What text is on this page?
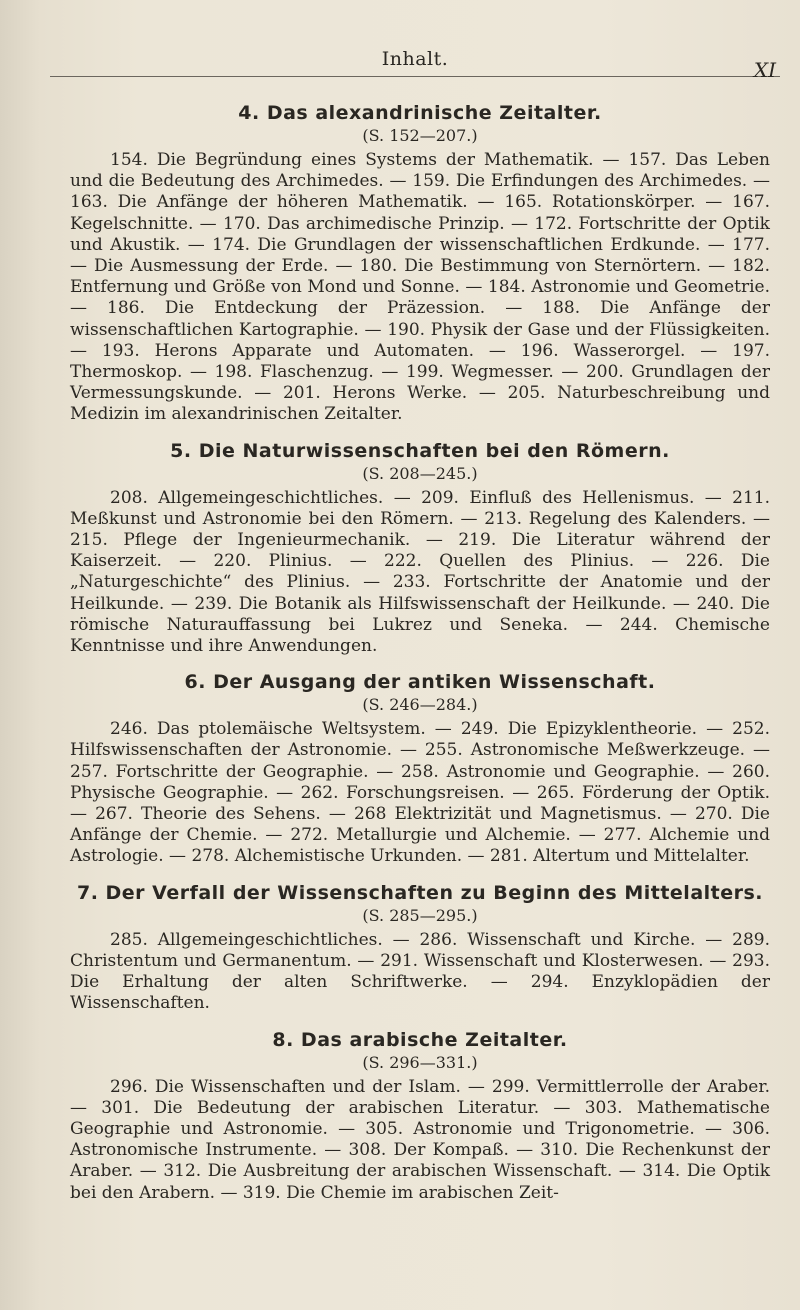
Inhalt.	XI

4. Das alexandrinische Zeitalter.

(S. 152—207.)

154. Die Begründung eines Systems der Mathematik. — 157. Das Leben und die Bedeutung des Archimedes. — 159. Die Erfindungen des Archimedes. — 163. Die Anfänge der höheren Mathematik. — 165. Rotationskörper. — 167. Kegelschnitte. — 170. Das archimedische Prinzip. — 172. Fortschritte der Optik und Akustik. — 174. Die Grundlagen der wissenschaftlichen Erdkunde. — 177. — Die Ausmessung der Erde. — 180. Die Bestimmung von Sternörtern. — 182. Entfernung und Größe von Mond und Sonne. — 184. Astronomie und Geometrie. — 186. Die Entdeckung der Präzession. — 188. Die Anfänge der wissenschaftlichen Kartographie. — 190. Physik der Gase und der Flüssigkeiten. — 193. Herons Apparate und Automaten. — 196. Wasserorgel. — 197. Thermoskop. — 198. Flaschenzug. — 199. Wegmesser. — 200. Grundlagen der Vermessungskunde. — 201. Herons Werke. — 205. Naturbeschreibung und Medizin im alexandrinischen Zeitalter.

5. Die Naturwissenschaften bei den Römern.

(S. 208—245.)

208. Allgemeingeschichtliches. — 209. Einfluß des Hellenismus. — 211. Meßkunst und Astronomie bei den Römern. — 213. Regelung des Kalenders. — 215. Pflege der Ingenieurmechanik. — 219. Die Literatur während der Kaiserzeit. — 220. Plinius. — 222. Quellen des Plinius. — 226. Die „Naturgeschichte“ des Plinius. — 233. Fortschritte der Anatomie und der Heilkunde. — 239. Die Botanik als Hilfswissenschaft der Heilkunde. — 240. Die römische Naturauffassung bei Lukrez und Seneka. — 244. Chemische Kenntnisse und ihre Anwendungen.

6. Der Ausgang der antiken Wissenschaft.

(S. 246—284.)

246. Das ptolemäische Weltsystem. — 249. Die Epizyklentheorie. — 252. Hilfswissenschaften der Astronomie. — 255. Astronomische Meßwerkzeuge. — 257. Fortschritte der Geographie. — 258. Astronomie und Geographie. — 260. Physische Geographie. — 262. Forschungsreisen. — 265. Förderung der Optik. — 267. Theorie des Sehens. — 268 Elektrizität und Magnetismus. — 270. Die Anfänge der Chemie. — 272. Metallurgie und Alchemie. — 277. Alchemie und Astrologie. — 278. Alchemistische Urkunden. — 281. Altertum und Mittelalter.

7. Der Verfall der Wissenschaften zu Beginn des Mittelalters.

(S. 285—295.)

285. Allgemeingeschichtliches. — 286. Wissenschaft und Kirche. — 289. Christentum und Germanentum. — 291. Wissenschaft und Klosterwesen. — 293. Die Erhaltung der alten Schriftwerke. — 294. Enzyklopädien der Wissenschaften.

8. Das arabische Zeitalter.

(S. 296—331.)

296. Die Wissenschaften und der Islam. — 299. Vermittlerrolle der Araber. — 301. Die Bedeutung der arabischen Literatur. — 303. Mathematische Geographie und Astronomie. — 305. Astronomie und Trigonometrie. — 306. Astronomische Instrumente. — 308. Der Kompaß. — 310. Die Rechenkunst der Araber. — 312. Die Ausbreitung der arabischen Wissenschaft. — 314. Die Optik bei den Arabern. — 319. Die Chemie im arabischen Zeit-
